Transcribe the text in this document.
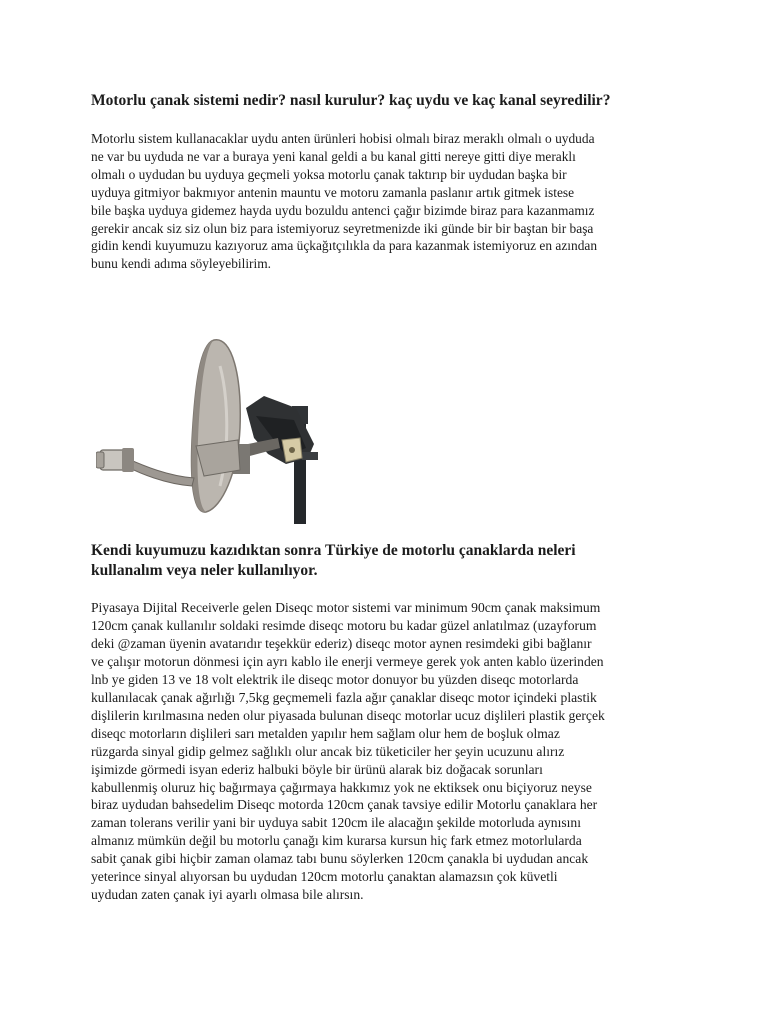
Motorlu çanak sistemi nedir? nasıl kurulur? kaç uydu ve kaç kanal seyredilir?
Motorlu sistem kullanacaklar uydu anten ürünleri hobisi olmalı biraz meraklı olmalı o uyduda
ne var bu uyduda ne var a buraya yeni kanal geldi a bu kanal gitti nereye gitti diye meraklı
olmalı o uydudan bu uyduya geçmeli yoksa motorlu çanak taktırıp bir uydudan başka bir
uyduya gitmiyor bakmıyor antenin mauntu ve motoru zamanla paslanır artık gitmek istese
bile başka uyduya gidemez hayda uydu bozuldu antenci çağır bizimde biraz para kazanmamız
gerekir ancak siz siz olun biz para istemiyoruz seyretmenizde iki günde bir bir baştan bir başa
gidin kendi kuyumuzu kazıyoruz ama üçkağıtçılıkla da para kazanmak istemiyoruz en azından
bunu kendi adıma söyleyebilirim.
Kendi kuyumuzu kazıdıktan sonra Türkiye de motorlu çanaklarda neleri
kullanalım veya neler kullanılıyor.
Piyasaya Dijital Receiverle gelen Diseqc motor sistemi var minimum 90cm çanak maksimum
120cm çanak kullanılır soldaki resimde diseqc motoru bu kadar güzel anlatılmaz (uzayforum
deki @zaman üyenin avatarıdır teşekkür ederiz) diseqc motor aynen resimdeki gibi bağlanır
ve çalışır motorun dönmesi için ayrı kablo ile enerji vermeye gerek yok anten kablo üzerinden
lnb ye giden 13 ve 18 volt elektrik ile diseqc motor donuyor bu yüzden diseqc motorlarda
kullanılacak çanak ağırlığı 7,5kg geçmemeli fazla ağır çanaklar diseqc motor içindeki plastik
dişlilerin kırılmasına neden olur piyasada bulunan diseqc motorlar ucuz dişlileri plastik gerçek
diseqc motorların dişlileri sarı metalden yapılır hem sağlam olur hem de boşluk olmaz
rüzgarda sinyal gidip gelmez sağlıklı olur ancak biz tüketiciler her şeyin ucuzunu alırız
işimizde görmedi isyan ederiz halbuki böyle bir ürünü alarak biz doğacak sorunları
kabullenmiş oluruz hiç bağırmaya çağırmaya hakkımız yok ne ektiksek onu biçiyoruz neyse
biraz uydudan bahsedelim Diseqc motorda 120cm çanak tavsiye edilir Motorlu çanaklara her
zaman tolerans verilir yani bir uyduya sabit 120cm ile alacağın şekilde motorluda aynısını
almanız mümkün değil bu motorlu çanağı kim kurarsa kursun hiç fark etmez motorlularda
sabit çanak gibi hiçbir zaman olamaz tabı bunu söylerken 120cm çanakla bi uydudan ancak
yeterince sinyal alıyorsan bu uydudan 120cm motorlu çanaktan alamazsın çok küvetli
uydudan zaten çanak iyi ayarlı olmasa bile alırsın.
